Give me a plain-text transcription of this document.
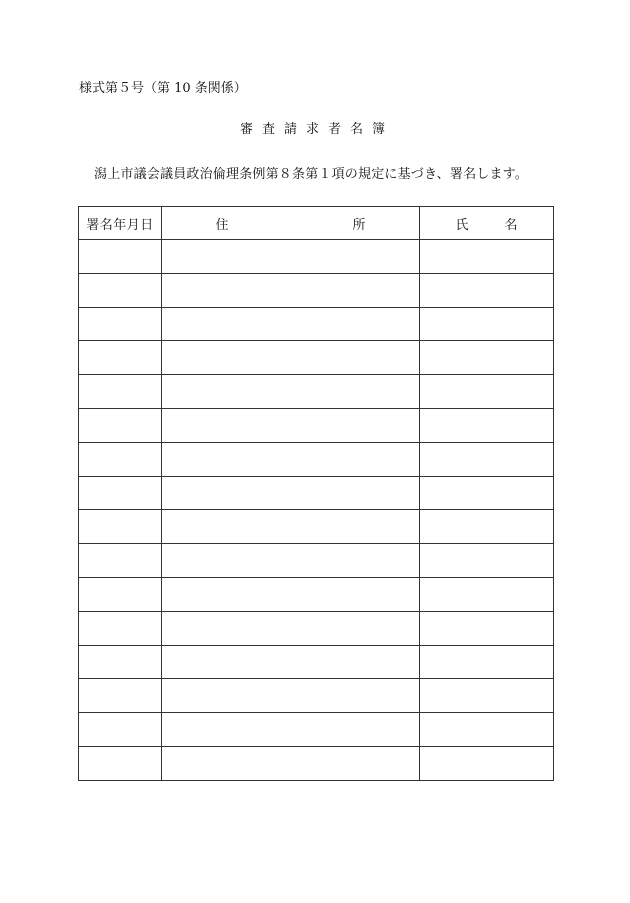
様式第５号（第 10 条関係）
審査請求者名簿
潟上市議会議員政治倫理条例第８条第１項の規定に基づき、署名します。
署名年月日	住 所	氏 名
